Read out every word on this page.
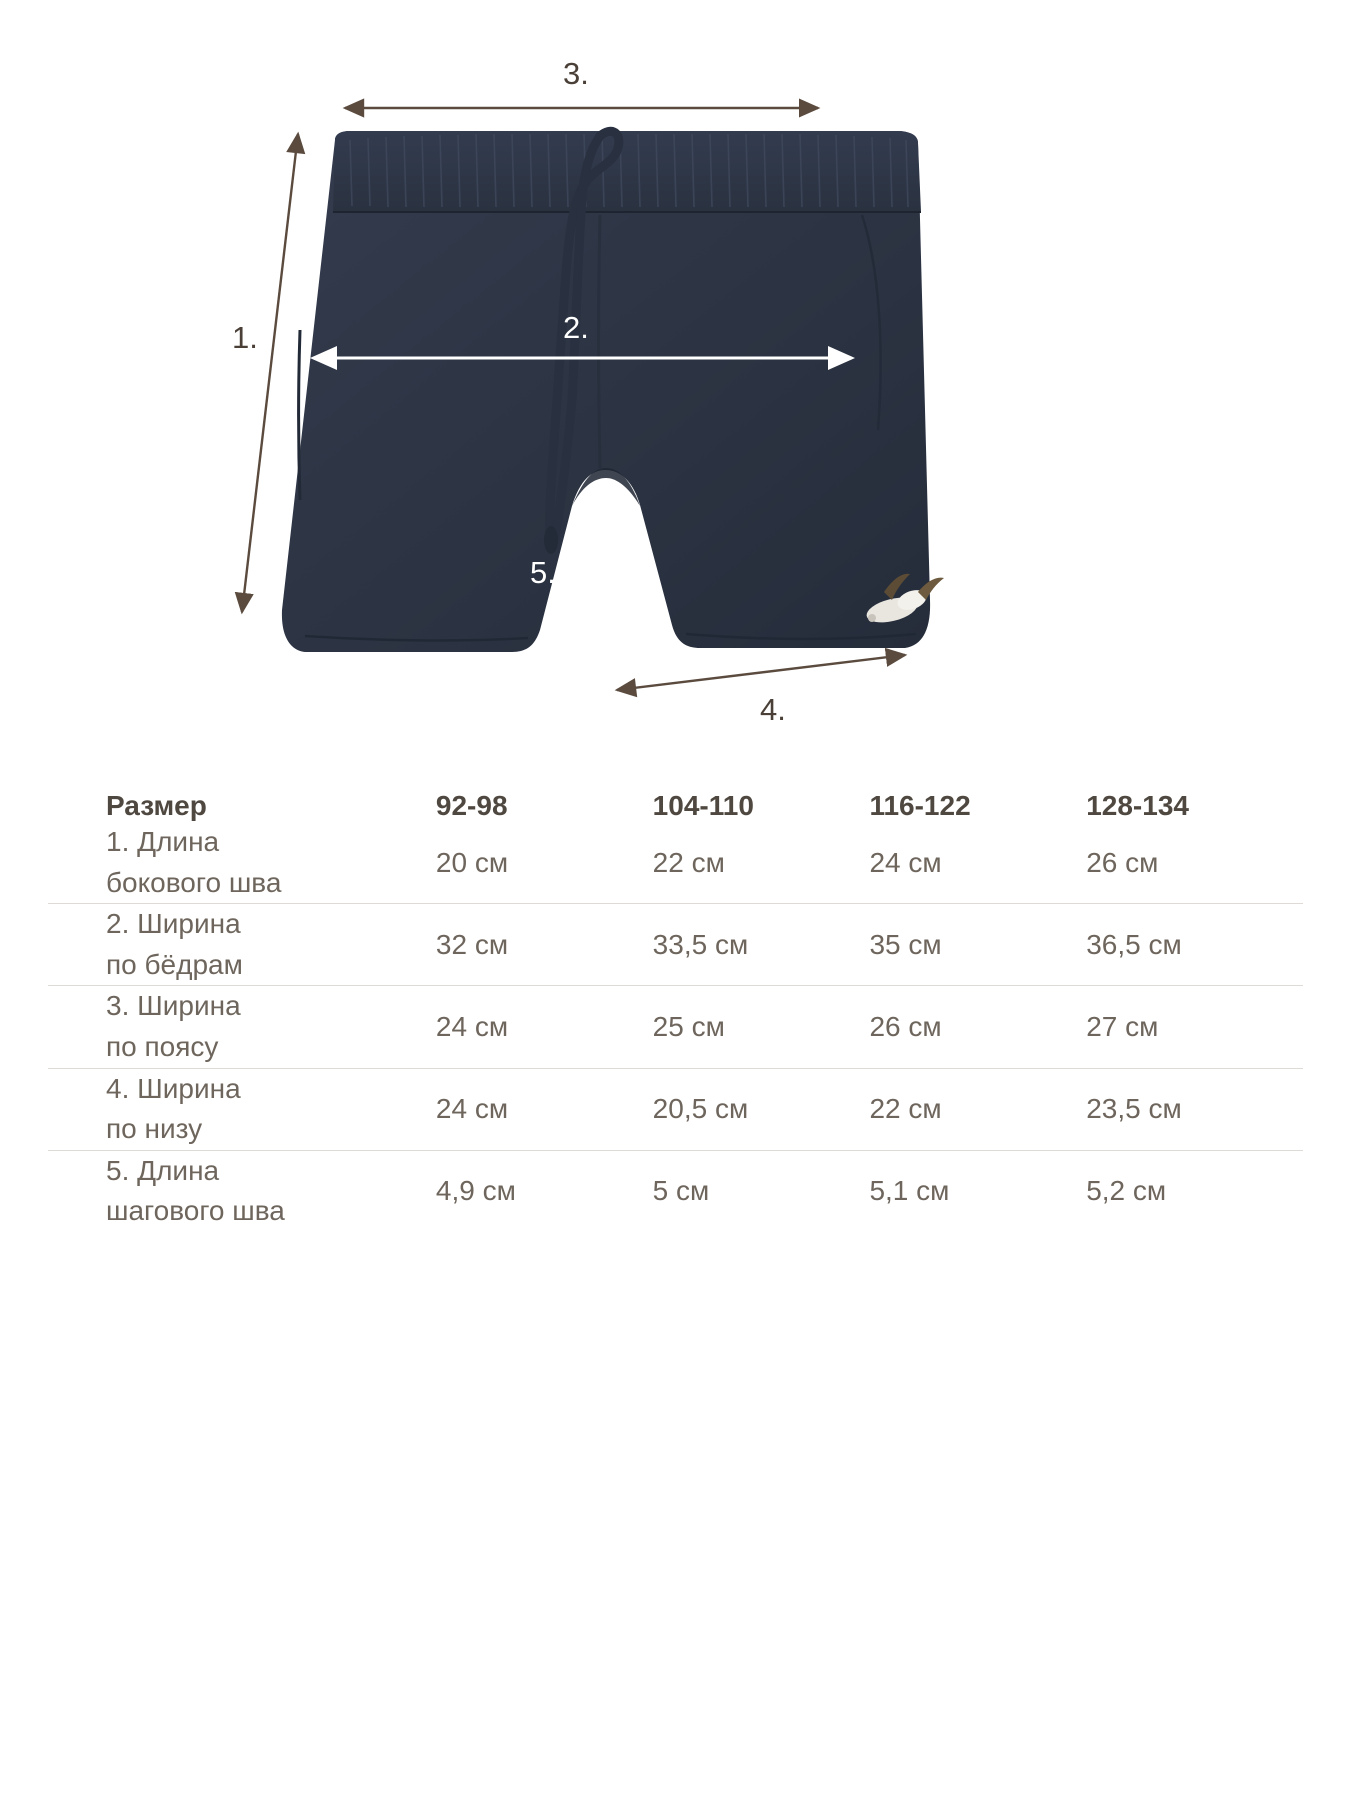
3.
1.	2.
5.
4.
Размер	92-98	104-110	116-122	128-134
1. Длина
бокового шва	20 см	22 см	24 см	26 см
2. Ширина
по бёдрам	32 см	33,5 см	35 см	36,5 см
3. Ширина
по поясу	24 см	25 см	26 см	27 см
4. Ширина
по низу	24 см	20,5 см	22 см	23,5 см
5. Длина
шагового шва	4,9 см	5 см	5,1 см	5,2 см
